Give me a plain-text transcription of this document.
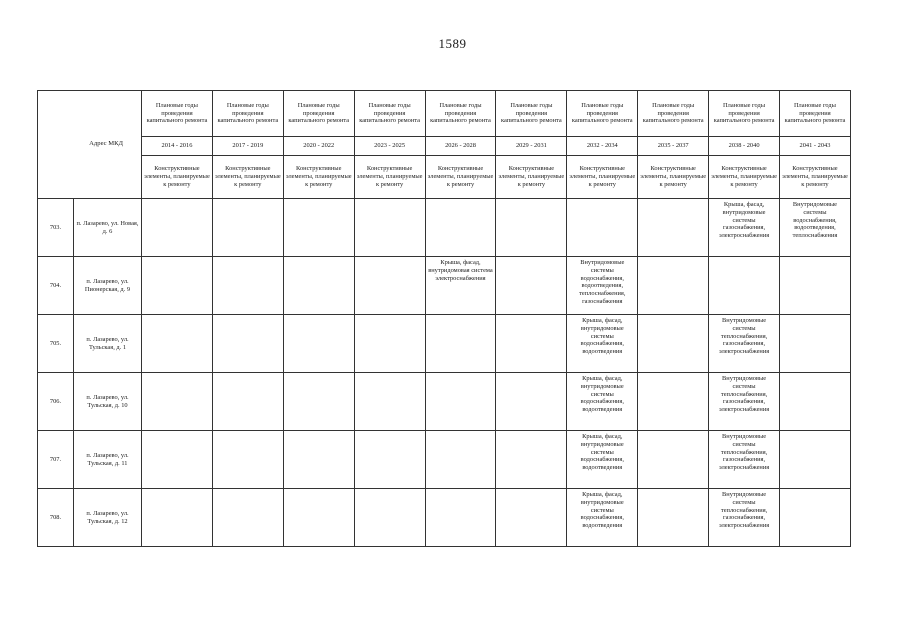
1589
Адрес МКД		Плановые годы проведения капитального ремонта	Плановые годы проведения капитального ремонта	Плановые годы проведения капитального ремонта	Плановые годы проведения капитального ремонта	Плановые годы проведения капитального ремонта	Плановые годы проведения капитального ремонта	Плановые годы проведения капитального ремонта	Плановые годы проведения капитального ремонта	Плановые годы проведения капитального ремонта	Плановые годы проведения капитального ремонта
		2014 - 2016	2017 - 2019	2020 - 2022	2023 - 2025	2026 - 2028	2029 - 2031	2032 - 2034	2035 - 2037	2038 - 2040	2041 - 2043
		Конструктивные элементы, планируемые к ремонту	Конструктивные элементы, планируемые к ремонту	Конструктивные элементы, планируемые к ремонту	Конструктивные элементы, планируемые к ремонту	Конструктивные элементы, планируемые к ремонту	Конструктивные элементы, планируемые к ремонту	Конструктивные элементы, планируемые к ремонту	Конструктивные элементы, планируемые к ремонту	Конструктивные элементы, планируемые к ремонту	Конструктивные элементы, планируемые к ремонту
703.	п. Лазарево, ул. Новая, д. 6									Крыша, фасад, внутридомовые системы газоснабжения, электроснабжения	Внутридомовые системы водоснабжения, водоотведения, теплоснабжения
704.	п. Лазарево, ул. Пионерская, д. 9					Крыша, фасад, внутридомовая система электроснабжения		Внутридомовые системы водоснабжения, водоотведения, теплоснабжения, газоснабжения			
705.	п. Лазарево, ул. Тульская, д. 1							Крыша, фасад, внутридомовые системы водоснабжения, водоотведения		Внутридомовые системы теплоснабжения, газоснабжения, электроснабжения	
706.	п. Лазарево, ул. Тульская, д. 10							Крыша, фасад, внутридомовые системы водоснабжения, водоотведения		Внутридомовые системы теплоснабжения, газоснабжения, электроснабжения	
707.	п. Лазарево, ул. Тульская, д. 11							Крыша, фасад, внутридомовые системы водоснабжения, водоотведения		Внутридомовые системы теплоснабжения, газоснабжения, электроснабжения	
708.	п. Лазарево, ул. Тульская, д. 12							Крыша, фасад, внутридомовые системы водоснабжения, водоотведения		Внутридомовые системы теплоснабжения, газоснабжения, электроснабжения	
